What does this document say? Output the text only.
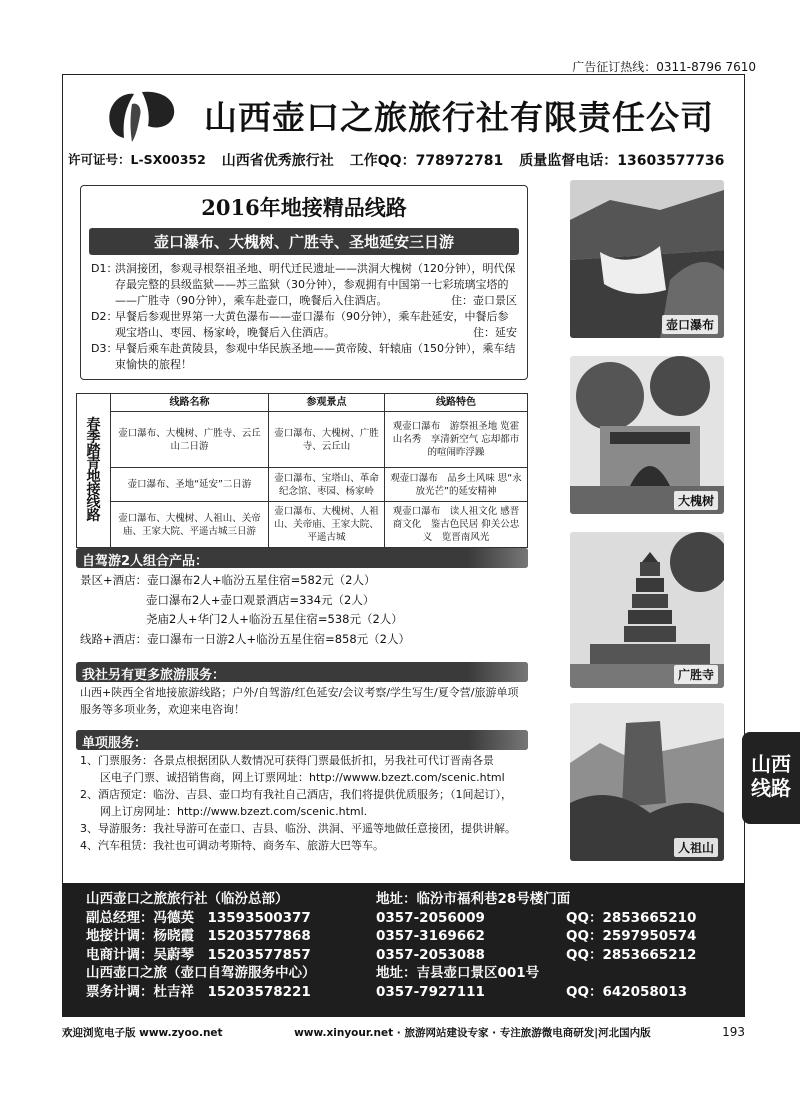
广告征订热线：0311-8796 7610
山西壶口之旅旅行社有限责任公司
许可证号：L-SX00352 山西省优秀旅行社 工作QQ：778972781 质量监督电话：13603577736
2016年地接精品线路
壶口瀑布、大槐树、广胜寺、圣地延安三日游
D1：
洪洞接团，参观寻根祭祖圣地、明代迁民遗址——洪洞大槐树（120分钟），明代保存最完整的县级监狱——苏三监狱（30分钟），参观拥有中国第一七彩琉璃宝塔的——广胜寺（90分钟），乘车赴壶口，晚餐后入住酒店。	住：壶口景区
D2：
早餐后参观世界第一大黄色瀑布——壶口瀑布（90分钟），乘车赴延安，中餐后参观宝塔山、枣园、杨家岭，晚餐后入住酒店。	住：延安
D3：
早餐后乘车赴黄陵县，参观中华民族圣地——黄帝陵、轩辕庙（150分钟），乘车结束愉快的旅程！
春季踏青地接线路	线路名称	参观景点	线路特色
	壶口瀑布、大槐树、广胜寺、云丘山二日游	壶口瀑布、大槐树、广胜寺、云丘山	观壶口瀑布　游祭祖圣地 览霍山名秀　享清新空气 忘却都市的喧闹昨浮躁
	壶口瀑布、圣地“延安”二日游	壶口瀑布、宝塔山、革命纪念馆、枣园、杨家岭	观壶口瀑布　品乡土风味 思“永放光芒”的延安精神
	壶口瀑布、大槐树、人祖山、关帝庙、王家大院、平遥古城三日游	壶口瀑布、大槐树、人祖山、关帝庙、王家大院、平遥古城	观壶口瀑布　读人祖文化 感晋商文化　鉴古色民居 仰关公忠义　览晋南风光
自驾游2人组合产品：
景区+酒店：壶口瀑布2人+临汾五星住宿=582元（2人）
壶口瀑布2人+壶口观景酒店=334元（2人）
尧庙2人+华门2人+临汾五星住宿=538元（2人）
线路+酒店：壶口瀑布一日游2人+临汾五星住宿=858元（2人）
我社另有更多旅游服务：
山西+陕西全省地接旅游线路；户外/自驾游/红色延安/会议考察/学生写生/夏令营/旅游单项服务等多项业务，欢迎来电咨询！
单项服务：
1、门票服务：各景点根据团队人数情况可获得门票最低折扣，另我社可代订晋南各景
区电子门票、诚招销售商，网上订票网址：http://wwww.bzezt.com/scenic.html
2、酒店预定：临汾、吉县、壶口均有我社自己酒店，我们将提供优质服务；（1间起订），
网上订房网址：http://www.bzezt.com/scenic.html.
3、导游服务：我社导游可在壶口、吉县、临汾、洪洞、平遥等地做任意接团，提供讲解。
4、汽车租赁：我社也可调动考斯特、商务车、旅游大巴等车。
壶口瀑布
大槐树
广胜寺
人祖山
山西线路
山西壶口之旅旅行社（临汾总部）	地址：临汾市福利巷28号楼门面
副总经理：冯德英　13593500377	0357-2056009	QQ：2853665210
地接计调：杨晓霞　15203577868	0357-3169662	QQ：2597950574
电商计调：吴蔚琴　15203577857	0357-2053088	QQ：2853665212
山西壶口之旅（壶口自驾游服务中心）	地址：吉县壶口景区001号
票务计调：杜吉祥　15203578221	0357-7927111	QQ：642058013
欢迎浏览电子版 www.zyoo.net	www.xinyour.net · 旅游网站建设专家 · 专注旅游微电商研发|河北国内版	193
